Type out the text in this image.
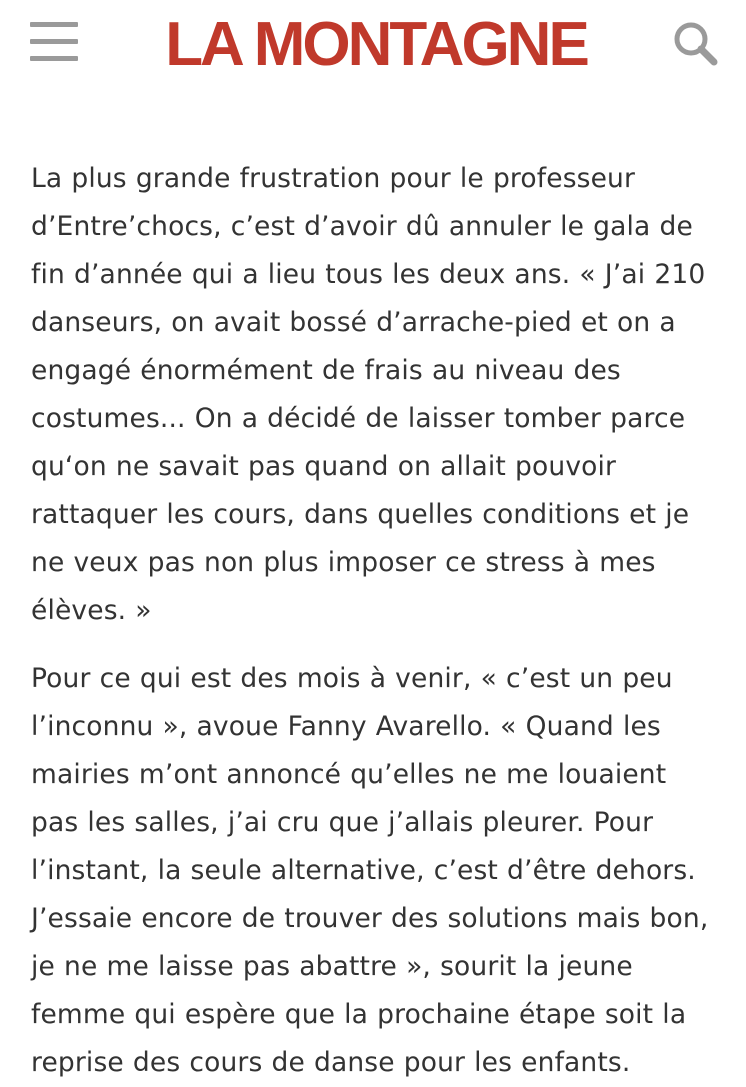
LA MONTAGNE

La plus grande frustration pour le professeur d’Entre’chocs, c’est d’avoir dû annuler le gala de fin d’année qui a lieu tous les deux ans. « J’ai 210 danseurs, on avait bossé d’arrache-pied et on a engagé énormément de frais au niveau des costumes... On a décidé de laisser tomber parce qu‘on ne savait pas quand on allait pouvoir rattaquer les cours, dans quelles conditions et je ne veux pas non plus imposer ce stress à mes élèves. »

Pour ce qui est des mois à venir, « c’est un peu l’inconnu », avoue Fanny Avarello. « Quand les mairies m’ont annoncé qu’elles ne me louaient pas les salles, j’ai cru que j’allais pleurer. Pour l’instant, la seule alternative, c’est d’être dehors. J’essaie encore de trouver des solutions mais bon, je ne me laisse pas abattre », sourit la jeune femme qui espère que la prochaine étape soit la reprise des cours de danse pour les enfants.
